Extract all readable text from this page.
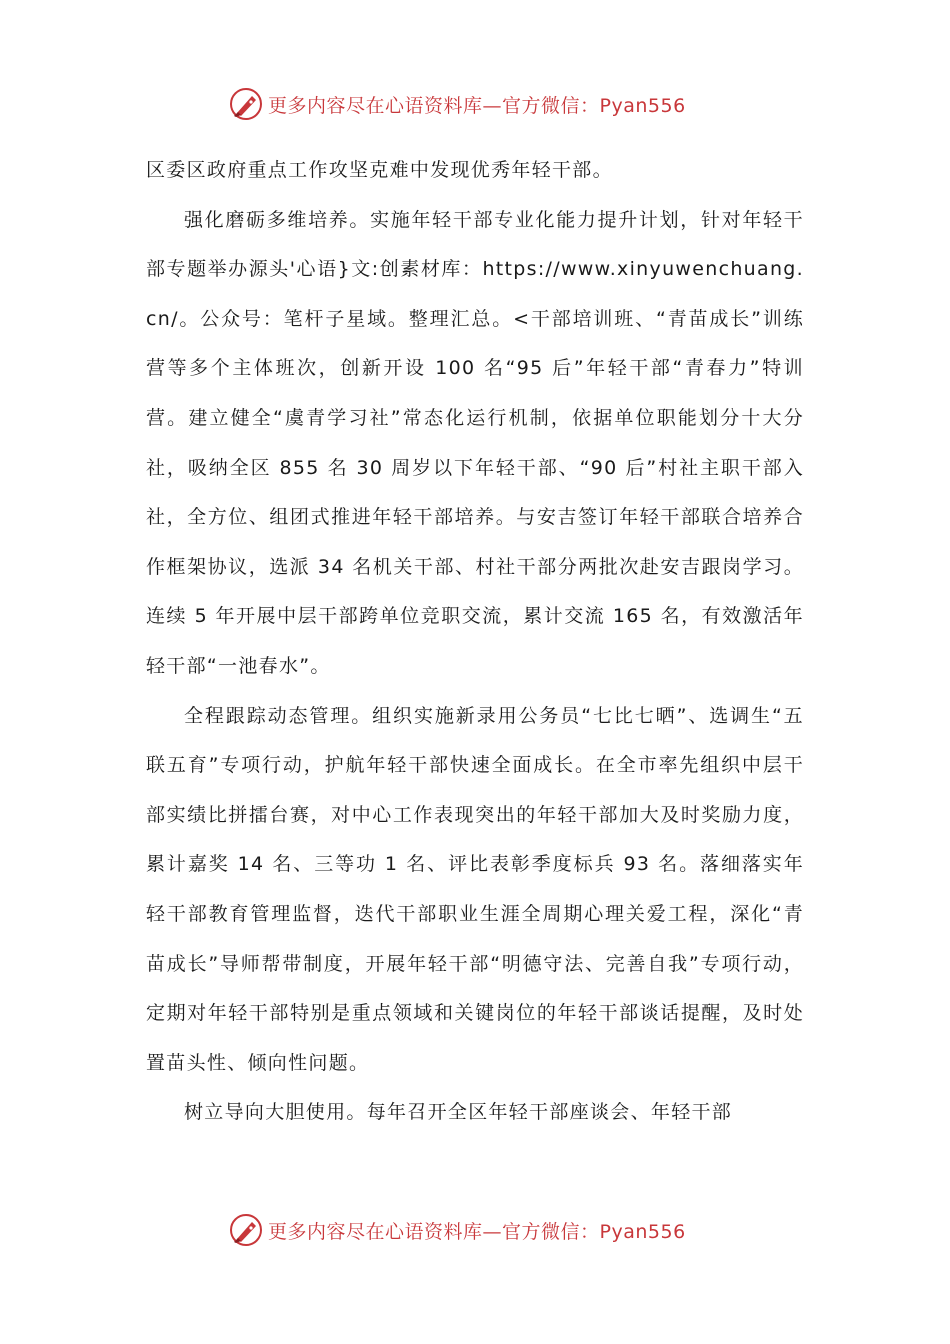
更多内容尽在心语资料库—官方微信：Pyan556

区委区政府重点工作攻坚克难中发现优秀年轻干部。

强化磨砺多维培养。实施年轻干部专业化能力提升计划，针对年轻干部专题举办源头'心语}文:创素材库：https://www.xinyuwenchuang.cn/。公众号：笔杆子星域。整理汇总。<干部培训班、“青苗成长”训练营等多个主体班次，创新开设 100 名“95 后”年轻干部“青春力”特训营。建立健全“虞青学习社”常态化运行机制，依据单位职能划分十大分社，吸纳全区 855 名 30 周岁以下年轻干部、“90 后”村社主职干部入社，全方位、组团式推进年轻干部培养。与安吉签订年轻干部联合培养合作框架协议，选派 34 名机关干部、村社干部分两批次赴安吉跟岗学习。连续 5 年开展中层干部跨单位竞职交流，累计交流 165 名，有效激活年轻干部“一池春水”。

全程跟踪动态管理。组织实施新录用公务员“七比七晒”、选调生“五联五育”专项行动，护航年轻干部快速全面成长。在全市率先组织中层干部实绩比拼擂台赛，对中心工作表现突出的年轻干部加大及时奖励力度，累计嘉奖 14 名、三等功 1 名、评比表彰季度标兵 93 名。落细落实年轻干部教育管理监督，迭代干部职业生涯全周期心理关爱工程，深化“青苗成长”导师帮带制度，开展年轻干部“明德守法、完善自我”专项行动，定期对年轻干部特别是重点领域和关键岗位的年轻干部谈话提醒，及时处置苗头性、倾向性问题。

树立导向大胆使用。每年召开全区年轻干部座谈会、年轻干部

更多内容尽在心语资料库—官方微信：Pyan556
